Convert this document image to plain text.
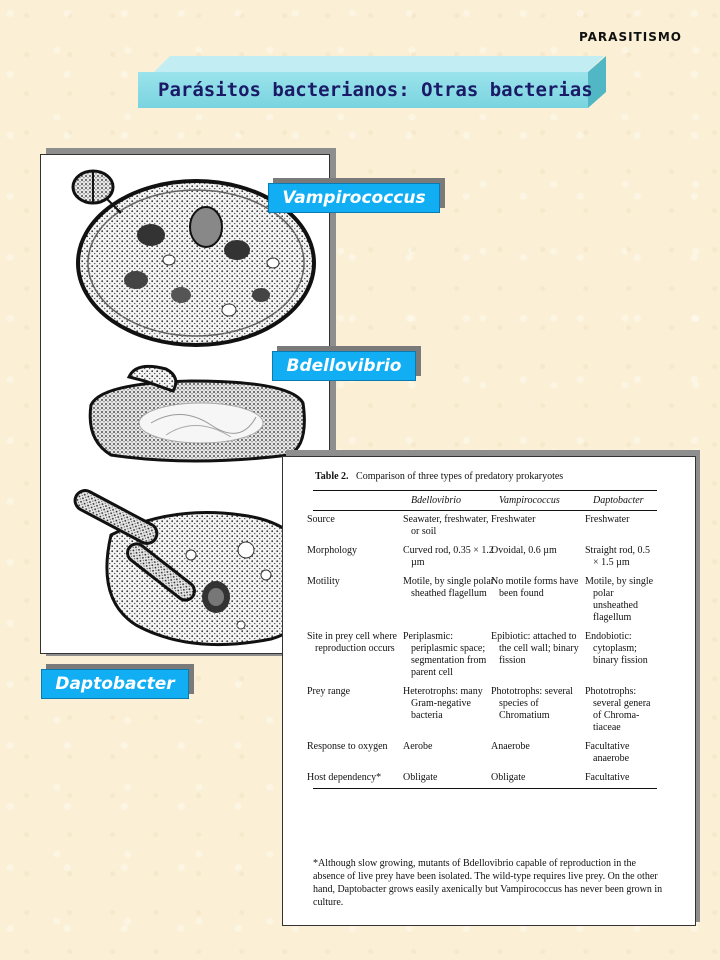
PARASITISMO
Parásitos bacterianos: Otras bacterias
Vampirococcus
Bdellovibrio
Daptobacter
Table 2. Comparison of three types of predatory prokaryotes
	Bdellovibrio	Vampirococcus	Daptobacter
Source	Seawater, freshwater, or soil	Freshwater	Freshwater
Morphology	Curved rod, 0.35 × 1.2 µm	Ovoidal, 0.6 µm	Straight rod, 0.5 × 1.5 µm
Motility	Motile, by single polar sheathed flagellum	No motile forms have been found	Motile, by single polar unsheathed flagellum
Site in prey cell where reproduction occurs	Periplasmic: periplasmic space; segmentation from parent cell	Epibiotic: attached to the cell wall; binary fission	Endobiotic: cytoplasm; binary fission
Prey range	Heterotrophs: many Gram-negative bacteria	Phototrophs: several species of Chromatium	Phototrophs: several genera of Chroma-tiaceae
Response to oxygen	Aerobe	Anaerobe	Facultative anaerobe
Host dependency*	Obligate	Obligate	Facultative
*Although slow growing, mutants of Bdellovibrio capable of reproduction in the absence of live prey have been isolated. The wild-type requires live prey. On the other hand, Daptobacter grows easily axenically but Vampirococcus has never been grown in culture.
